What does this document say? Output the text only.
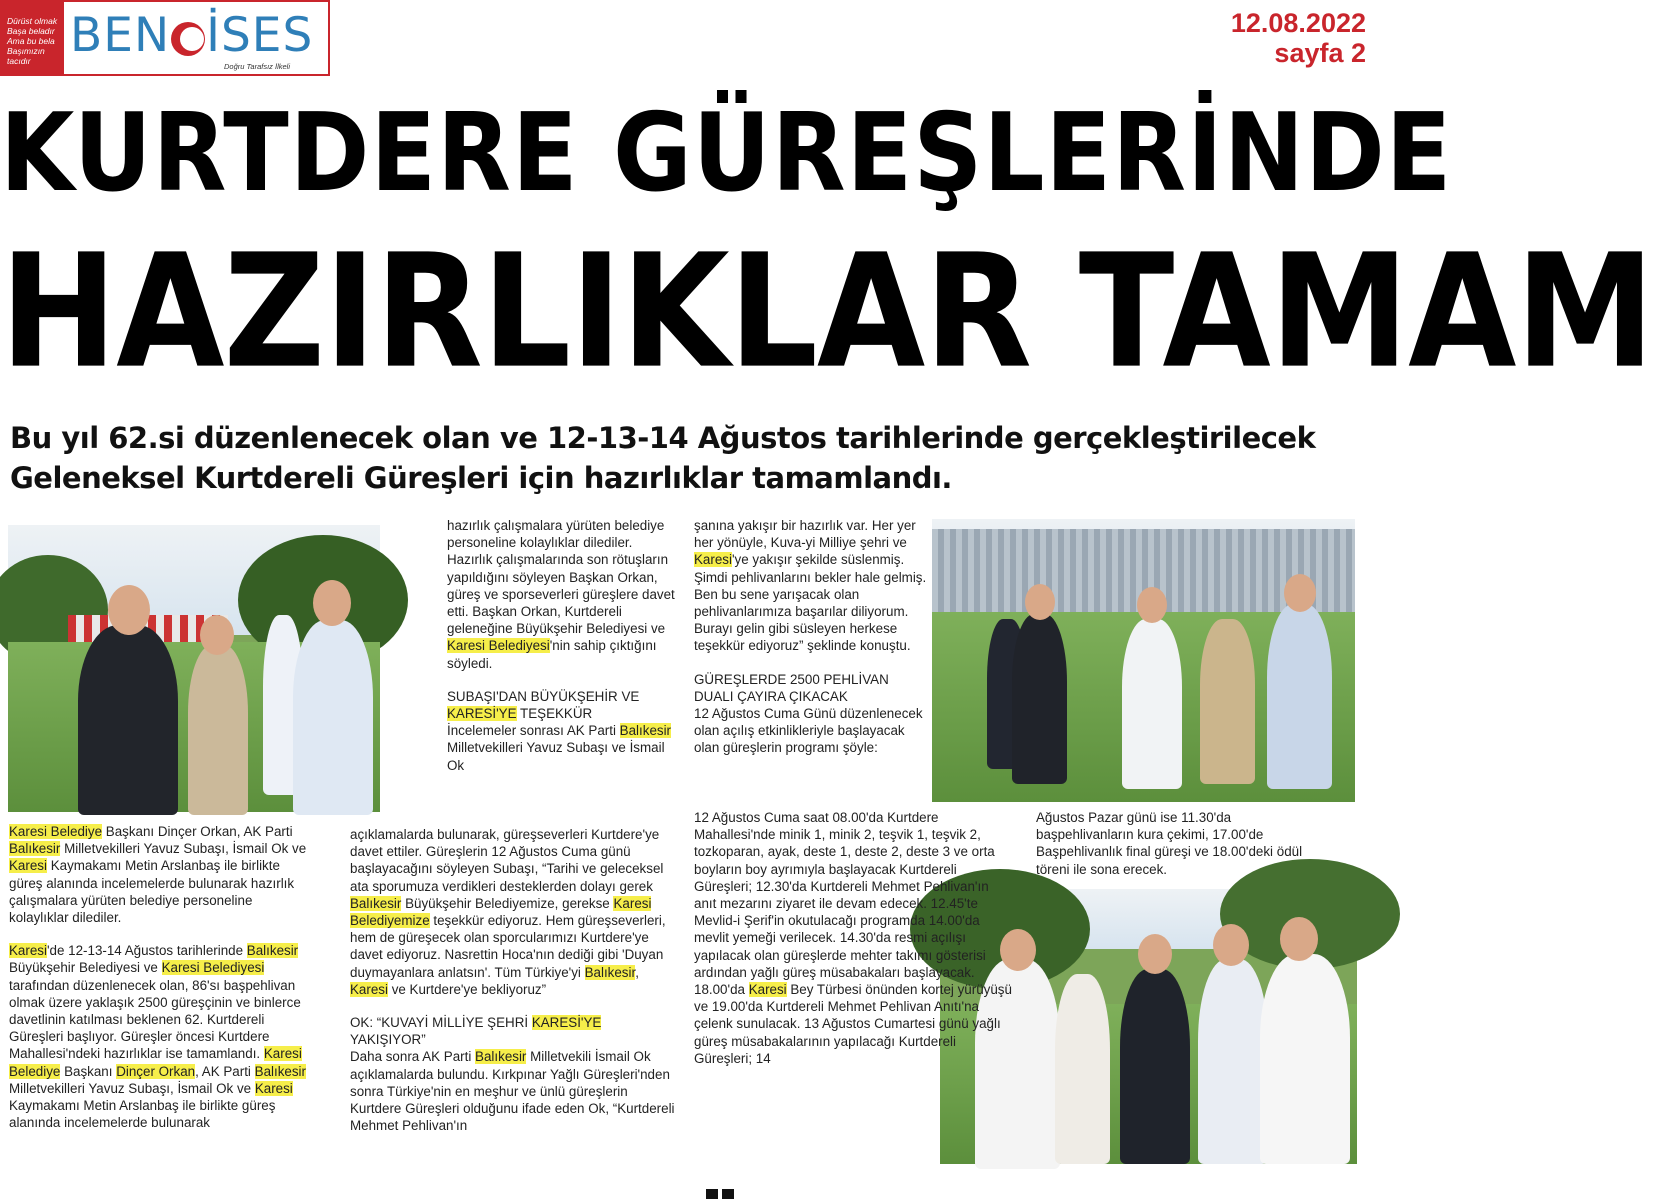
Dürüst olmak
Başa beladır
Ama bu bela
Başımızın tacıdır BEN İSES
Doğru Tarafsız İlkeli
12.08.2022
sayfa 2
KURTDERE GÜREŞLERİNDE
HAZIRLIKLAR TAMAM
Bu yıl 62.si düzenlenecek olan ve 12-13-14 Ağustos tarihlerinde gerçekleştirilecek Geleneksel Kurtdereli Güreşleri için hazırlıklar tamamlandı.

Karesi Belediye Başkanı Dinçer Orkan, AK Parti Balıkesir Milletvekilleri Yavuz Subaşı, İsmail Ok ve Karesi Kaymakamı Metin Arslanbaş ile birlikte güreş alanında incelemelerde bulunarak hazırlık çalışmalara yürüten belediye personeline kolaylıklar dilediler.

Karesi'de 12-13-14 Ağustos tarihlerinde Balıkesir Büyükşehir Belediyesi ve Karesi Belediyesi tarafından düzenlenecek olan, 86'sı başpehlivan olmak üzere yaklaşık 2500 güreşçinin ve binlerce davetlinin katılması beklenen 62. Kurtdereli Güreşleri başlıyor. Güreşler öncesi Kurtdere Mahallesi'ndeki hazırlıklar ise tamamlandı. Karesi Belediye Başkanı Dinçer Orkan, AK Parti Balıkesir Milletvekilleri Yavuz Subaşı, İsmail Ok ve Karesi Kaymakamı Metin Arslanbaş ile birlikte güreş alanında incelemelerde bulunarak

hazırlık çalışmalara yürüten belediye personeline kolaylıklar dilediler.

Hazırlık çalışmalarında son rötuşların yapıldığını söyleyen Başkan Orkan, güreş ve sporseverleri güreşlere davet etti. Başkan Orkan, Kurtdereli geleneğine Büyükşehir Belediyesi ve Karesi Belediyesi'nin sahip çıktığını söyledi.

SUBAŞI'DAN BÜYÜKŞEHİR VE KARESİ'YE TEŞEKKÜR

İncelemeler sonrası AK Parti Balıkesir Milletvekilleri Yavuz Subaşı ve İsmail Ok

açıklamalarda bulunarak, güreşseverleri Kurtdere'ye davet ettiler. Güreşlerin 12 Ağustos Cuma günü başlayacağını söyleyen Subaşı, “Tarihi ve geleceksel ata sporumuza verdikleri desteklerden dolayı gerek Balıkesir Büyükşehir Belediyemize, gerekse Karesi Belediyemize teşekkür ediyoruz. Hem güreşseverleri, hem de güreşecek olan sporcularımızı Kurtdere'ye davet ediyoruz. Nasrettin Hoca'nın dediği gibi 'Duyan duymayanlara anlatsın'. Tüm Türkiye'yi Balıkesir, Karesi ve Kurtdere'ye bekliyoruz”

OK: “KUVAYİ MİLLİYE ŞEHRİ KARESİ'YE YAKIŞIYOR”

Daha sonra AK Parti Balıkesir Milletvekili İsmail Ok açıklamalarda bulundu. Kırkpınar Yağlı Güreşleri'nden sonra Türkiye'nin en meşhur ve ünlü güreşlerin Kurtdere Güreşleri olduğunu ifade eden Ok, “Kurtdereli Mehmet Pehlivan'ın

şanına yakışır bir hazırlık var. Her yer her yönüyle, Kuva-yi Milliye şehri ve Karesi'ye yakışır şekilde süslenmiş. Şimdi pehlivanlarını bekler hale gelmiş. Ben bu sene yarışacak olan pehlivanlarımıza başarılar diliyorum. Burayı gelin gibi süsleyen herkese teşekkür ediyoruz” şeklinde konuştu.

GÜREŞLERDE 2500 PEHLİVAN DUALI ÇAYIRA ÇIKACAK

12 Ağustos Cuma Günü düzenlenecek olan açılış etkinlikleriyle başlayacak olan güreşlerin programı şöyle:

12 Ağustos Cuma saat 08.00'da Kurtdere Mahallesi'nde minik 1, minik 2, teşvik 1, teşvik 2, tozkoparan, ayak, deste 1, deste 2, deste 3 ve orta boyların boy ayrımıyla başlayacak Kurtdereli Güreşleri; 12.30'da Kurtdereli Mehmet Pehlivan'ın anıt mezarını ziyaret ile devam edecek. 12.45'te Mevlid-i Şerif'in okutulacağı programda 14.00'da mevlit yemeği verilecek. 14.30'da resmi açılışı yapılacak olan güreşlerde mehter takımı gösterisi ardından yağlı güreş müsabakaları başlayacak. 18.00'da Karesi Bey Türbesi önünden kortej yürüyüşü ve 19.00'da Kurtdereli Mehmet Pehlivan Anıtı'na çelenk sunulacak. 13 Ağustos Cumartesi günü yağlı güreş müsabakalarının yapılacağı Kurtdereli Güreşleri; 14

Ağustos Pazar günü ise 11.30'da başpehlivanların kura çekimi, 17.00'de Başpehlivanlık final güreşi ve 18.00'deki ödül töreni ile sona erecek.
